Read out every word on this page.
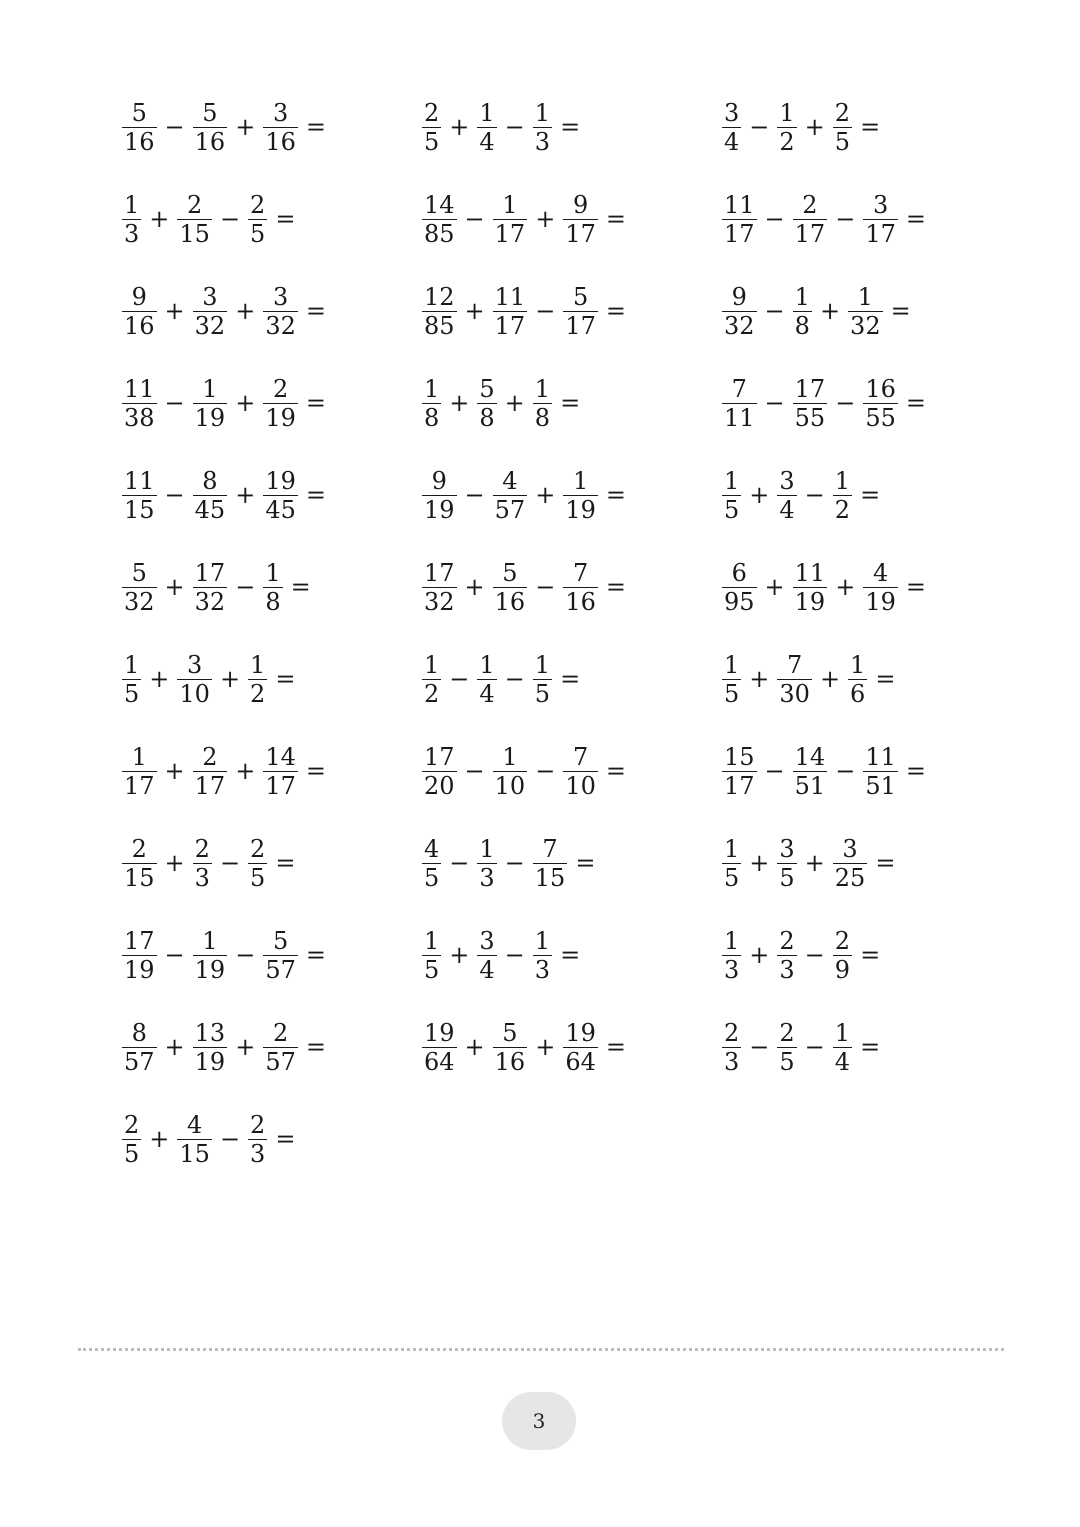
$\frac{5}{16} - \frac{5}{16} + \frac{3}{16}$ =	$\frac{2}{5} + \frac{1}{4} - \frac{1}{3}$ =	$\frac{3}{4} - \frac{1}{2} + \frac{2}{5}$ =
$\frac{1}{3} + \frac{2}{15} - \frac{2}{5}$ =	$\frac{14}{85} - \frac{1}{17} + \frac{9}{17}$ =	$\frac{11}{17} - \frac{2}{17} - \frac{3}{17}$ =
$\frac{9}{16} + \frac{3}{32} + \frac{3}{32}$ =	$\frac{12}{85} + \frac{11}{17} - \frac{5}{17}$ =	$\frac{9}{32} - \frac{1}{8} + \frac{1}{32}$ =
$\frac{11}{38} - \frac{1}{19} + \frac{2}{19}$ =	$\frac{1}{8} + \frac{5}{8} + \frac{1}{8}$ =	$\frac{7}{11} - \frac{17}{55} - \frac{16}{55}$ =
$\frac{11}{15} - \frac{8}{45} + \frac{19}{45}$ =	$\frac{9}{19} - \frac{4}{57} + \frac{1}{19}$ =	$\frac{1}{5} + \frac{3}{4} - \frac{1}{2}$ =
$\frac{5}{32} + \frac{17}{32} - \frac{1}{8}$ =	$\frac{17}{32} + \frac{5}{16} - \frac{7}{16}$ =	$\frac{6}{95} + \frac{11}{19} + \frac{4}{19}$ =
$\frac{1}{5} + \frac{3}{10} + \frac{1}{2}$ =	$\frac{1}{2} - \frac{1}{4} - \frac{1}{5}$ =	$\frac{1}{5} + \frac{7}{30} + \frac{1}{6}$ =
$\frac{1}{17} + \frac{2}{17} + \frac{14}{17}$ =	$\frac{17}{20} - \frac{1}{10} - \frac{7}{10}$ =	$\frac{15}{17} - \frac{14}{51} - \frac{11}{51}$ =
$\frac{2}{15} + \frac{2}{3} - \frac{2}{5}$ =	$\frac{4}{5} - \frac{1}{3} - \frac{7}{15}$ =	$\frac{1}{5} + \frac{3}{5} + \frac{3}{25}$ =
$\frac{17}{19} - \frac{1}{19} - \frac{5}{57}$ =	$\frac{1}{5} + \frac{3}{4} - \frac{1}{3}$ =	$\frac{1}{3} + \frac{2}{3} - \frac{2}{9}$ =
$\frac{8}{57} + \frac{13}{19} + \frac{2}{57}$ =	$\frac{19}{64} + \frac{5}{16} + \frac{19}{64}$ =	$\frac{2}{3} - \frac{2}{5} - \frac{1}{4}$ =
$\frac{2}{5} + \frac{4}{15} - \frac{2}{3}$ =
3
